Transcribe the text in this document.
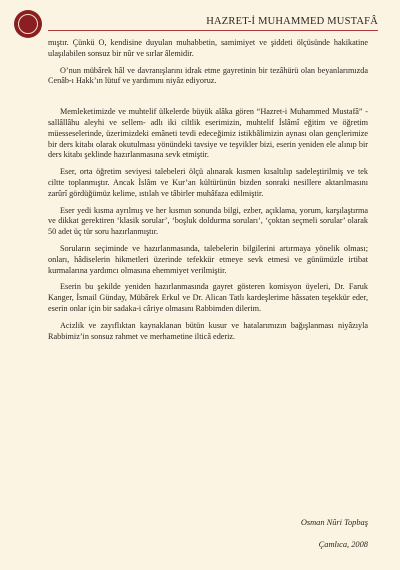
HAZRET-İ MUHAMMED MUSTAFÂ

mıştır. Çünkü O, kendisine duyulan muhabbetin, samimiyet ve şiddeti ölçüsünde hakikatine ulaşılabilen sonsuz bir nûr ve sırlar âlemidir.

O’nun mübârek hâl ve davranışlarını idrak etme gayretinin bir tezâhürü olan beyanlarımızda Cenâb-ı Hakk’ın lütuf ve yardımını niyâz ediyoruz.

Memleketimizde ve muhtelif ülkelerde büyük alâka gören “Hazret-i Muhammed Mustafâ” -sallâllâhu aleyhi ve sellem- adlı iki ciltlik eserimizin, muhtelif İslâmî eğitim ve öğretim müesseselerinde, üzerimizdeki emâneti tevdi edeceğimiz istikbâlimizin aynası olan gençlerimize bir ders kitabı olarak okutulması yönündeki tavsiye ve teşvikler bizi, eserin yeniden ele alınıp bir ders kitabı şeklinde hazırlanmasına sevk etmiştir.

Eser, orta öğretim seviyesi talebeleri ölçü alınarak kısmen kısaltılıp sadeleştirilmiş ve tek ciltte toplanmıştır. Ancak İslâm ve Kur’an kültürünün bizden sonraki nesillere aktarılmasını zarûrî gördüğümüz kelime, ıstılah ve tâbirler muhâfaza edilmiştir.

Eser yedi kısma ayrılmış ve her kısmın sonunda bilgi, ezber, açıklama, yorum, karşılaştırma ve dikkat gerektiren ‘klasik sorular’, ‘boşluk doldurma soruları’, ‘çoktan seçmeli sorular’ olarak 50 adet üç tür soru hazırlanmıştır.

Soruların seçiminde ve hazırlanmasında, talebelerin bilgilerini artırmaya yönelik olması; onları, hâdiselerin hikmetleri üzerinde tefekkür etmeye sevk etmesi ve günümüzle irtibat kurmalarına yardımcı olmasına ehemmiyet verilmiştir.

Eserin bu şekilde yeniden hazırlanmasında gayret gösteren komisyon üyeleri, Dr. Faruk Kanger, İsmail Günday, Mübârek Erkul ve Dr. Alican Tatlı kardeşlerime hâssaten teşekkür eder, eserin onlar için bir sadaka-i câriye olmasını Rabbimden dilerim.

Acizlik ve zayıflıktan kaynaklanan bütün kusur ve hatalarımızın bağışlanması niyâzıyla Rabbimiz’in sonsuz rahmet ve merhametine ilticâ ederiz.

Osman Nûri Topbaş
Çamlıca, 2008
